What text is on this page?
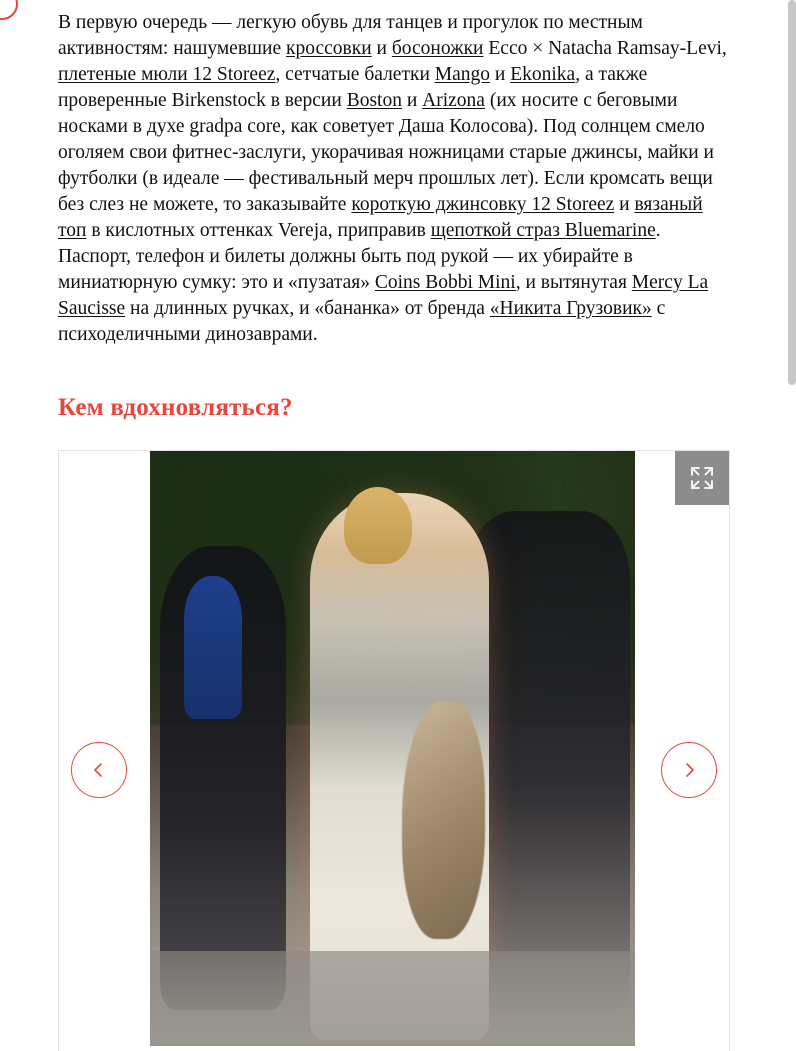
В первую очередь — легкую обувь для танцев и прогулок по местным активностям: нашумевшие кроссовки и босоножки Ecco × Natacha Ramsay-Levi, плетеные мюли 12 Storeez, сетчатые балетки Mango и Ekonika, а также проверенные Birkenstock в версии Boston и Arizona (их носите с беговыми носками в духе gradpa core, как советует Даша Колосова). Под солнцем смело оголяем свои фитнес-заслуги, укорачивая ножницами старые джинсы, майки и футболки (в идеале — фестивальный мерч прошлых лет). Если кромсать вещи без слез не можете, то заказывайте короткую джинсовку 12 Storeez и вязаный топ в кислотных оттенках Vereja, приправив щепоткой страз Bluemarine. Паспорт, телефон и билеты должны быть под рукой — их убирайте в миниатюрную сумку: это и «пузатая» Coins Bobbi Mini, и вытянутая Mercy La Saucisse на длинных ручках, и «бананка» от бренда «Никита Грузовик» с психоделичными динозаврами.

Кем вдохновляться?
